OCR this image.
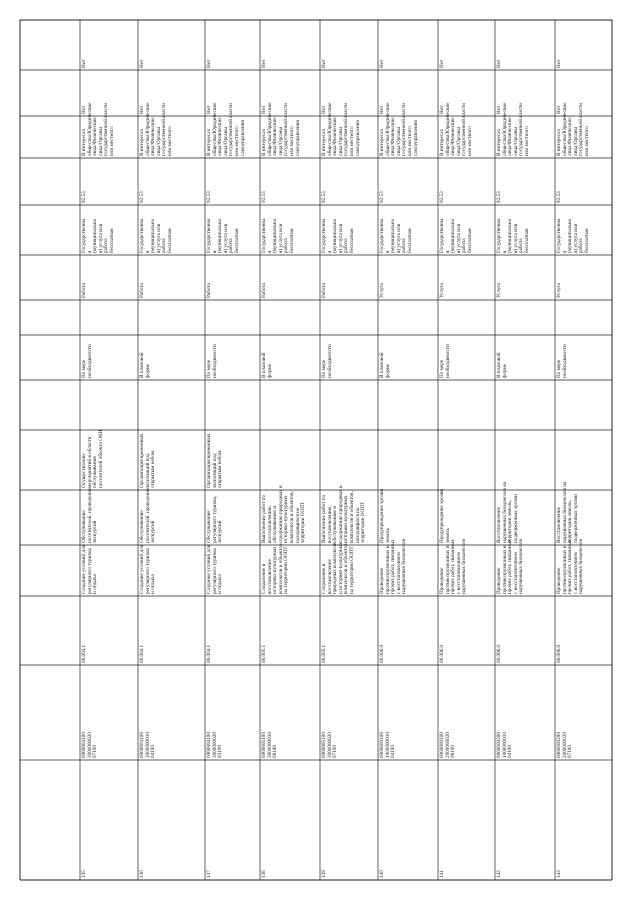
Нет
Нет
В интересах
общества/Юридические
лица/Физические
лица/Органы
государственной власти
или местного
92.53
Государственна
я
(муниципальна
я) услуга или
работа
бесплатная
Работа
По мере
необходимости
Осуществление
мероприятий в области
обслуживания
посетителей объекта ОКН
Обслуживание
посетителей, проведение
экскурсий
Создание условий для
регулярного туризма
и отдыха
06.004.1
6060804100
3000000020
07100
135
Нет
Нет
В интересах
общества/Юридические
лица/Физические
лица/Органы
государственной власти
или местного
92.53
Государственна
я
(муниципальна
я) услуга или
работа
бесплатная
Работа
В плановой
форме
Организация временных
экспозиций под
открытым небом.
Обслуживание
посетителей, проведение
экскурсий
Создание условий для
регулярного туризма
и отдыха
06.004.1
6060804100
3000000010
04100
136
Нет
Нет
В интересах
общества/Юридические
лица/Физические
лица/Органы
государственной власти
или местного
самоуправления
92.53
Государственна
я
(муниципальна
я) услуга или
работа
бесплатная
Работа
По мере
необходимости
Организация временных
экспозиций под
открытым небом.
Обслуживание
регулярного туризма,
экскурсий
Создание условий для
регулярного туризма
и отдыха
06.004.1
6060804100
3000000020
03100
137
Нет
Нет
В интересах
общества/Юридические
лица/Физические
лица/Органы
государственной власти
или местного
самоуправления
92.53
Государственна
я
(муниципальна
я) услуга или
работа
бесплатная
Работа
В плановой
форме
Выполнение работ по
восстановлению,
обслуживанию и
содержанию природных и
историко-культурных
комплексов и объектов,
находящихся на
территории ООПТ
Сохранение и
восстановление
историко-культурных
комплексов и объектов
на территории ООПТ
06.005.1
6060805100
3000000010
08100
138
Нет
Нет
В интересах
общества/Юридические
лица/Физические
лица/Органы
государственной власти
или местного
самоуправления
92.53
Государственна
я
(муниципальна
я) услуга или
работа
бесплатная
Работа
По мере
необходимости
Выполнение работ по
восстановлению,
обслуживанию и
содержанию природных и
историко-культурных
комплексов и объектов,
находящихся на
территории ООПТ
Сохранение и
восстановление
природных комплексов
и историко-культурных
комплексов и объектов
на территории ООПТ
06.005.1
6060805100
3000000020
07100
139
Нет
Нет
В интересах
общества/Юридические
лица/Физические
лица/Органы
государственной власти
или местного
самоуправления
92.53
Государственна
я
(муниципальна
я) услуга или
работа
бесплатная
Услуга
В плановой
форме
Предупреждение эрозии
земель
Проведение
противоэрозионных и
прочих работ, связанных
с восстановлением
нарушенных биоценозов
06.006.0
6060600100
1000000010
04100
140
Нет
Нет
В интересах
общества/Юридические
лица/Физические
лица/Органы
государственной власти
или местного
92.53
Государственна
я
(муниципальна
я) услуга или
работа
бесплатная
Услуга
По мере
необходимости
Предупреждение эрозии
земель
Проведение
противоэрозионных и
прочих работ, связанных
с восстановлением
нарушенных биоценозов
06.006.0
6060600100
2000000020
08100
141
Нет
Нет
В интересах
общества/Юридические
лица/Физические
лица/Органы
государственной власти
или местного
92.53
Государственна
я
(муниципальна
я) услуга или
работа
бесплатная
Услуга
В плановой
форме
Восстановление
нарушенных биоценозов на
территории земель,
подверженных эрозии
Проведение
противоэрозионных и
прочих работ, связанных
с восстановлением
нарушенных биоценозов
06.006.0
6060600200
1000000010
04100
142
Нет
Нет
В интересах
общества/Юридические
лица/Физические
лица/Органы
государственной власти
или местного
92.53
Государственна
я
(муниципальна
я) услуга или
работа
бесплатная
Услуга
По мере
необходимости
Восстановление
нарушенных биоценозов на
территории земель,
подверженных эрозии
Проведение
противоэрозионных и
прочих работ, связанных
с восстановлением
нарушенных биоценозов
06.006.0
6060600200
2000000020
07100
143
